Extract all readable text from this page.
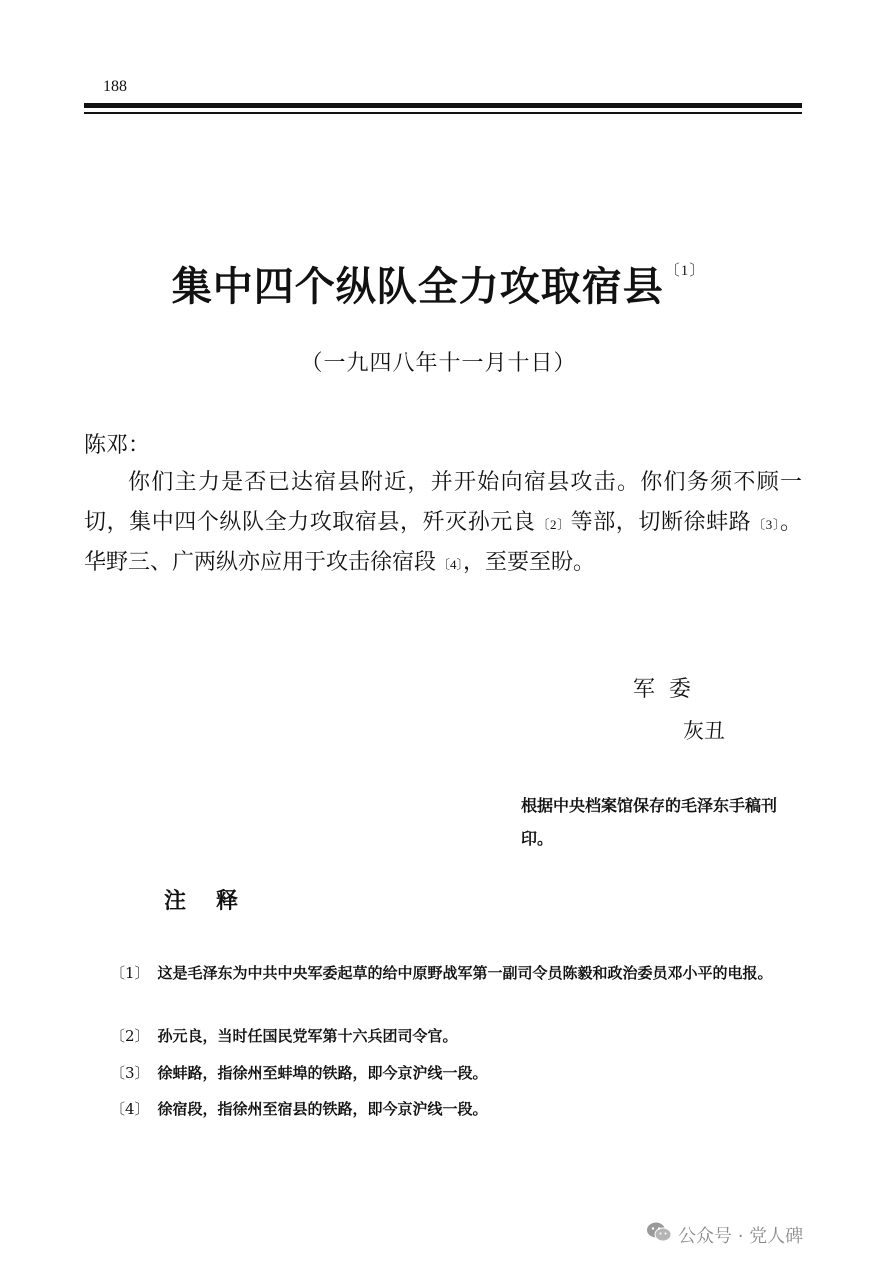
188
集中四个纵队全力攻取宿县$^{〔1〕}$
（一九四八年十一月十日）
陈邓：
你们主力是否已达宿县附近，并开始向宿县攻击。你们务须不顾一切，集中四个纵队全力攻取宿县，歼灭孙元良$^{〔2〕}$等部，切断徐蚌路$^{〔3〕}$。华野三、广两纵亦应用于攻击徐宿段$^{〔4〕}$，至要至盼。
军委
灰丑
根据中央档案馆保存的毛泽东手稿刊印。
注释
〔1〕 这是毛泽东为中共中央军委起草的给中原野战军第一副司令员陈毅和政治委员邓小平的电报。
〔2〕 孙元良，当时任国民党军第十六兵团司令官。
〔3〕 徐蚌路，指徐州至蚌埠的铁路，即今京沪线一段。
〔4〕 徐宿段，指徐州至宿县的铁路，即今京沪线一段。
公众号 · 党人碑
